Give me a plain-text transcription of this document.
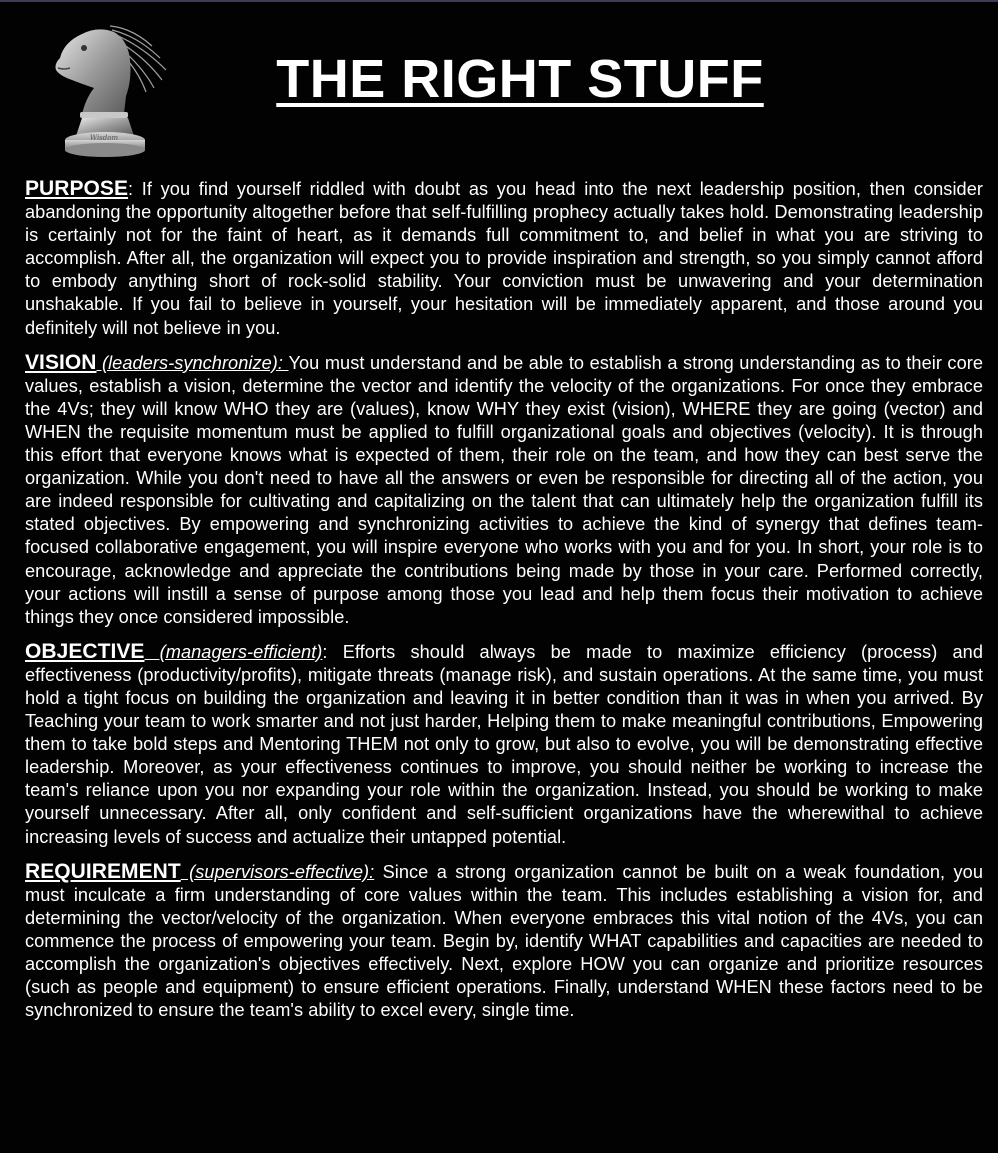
Wisdom
THE RIGHT STUFF

PURPOSE: If you find yourself riddled with doubt as you head into the next leadership position, then consider abandoning the opportunity altogether before that self-fulfilling prophecy actually takes hold. Demonstrating leadership is certainly not for the faint of heart, as it demands full commitment to, and belief in what you are striving to accomplish. After all, the organization will expect you to provide inspiration and strength, so you simply cannot afford to embody anything short of rock-solid stability. Your conviction must be unwavering and your determination unshakable. If you fail to believe in yourself, your hesitation will be immediately apparent, and those around you definitely will not believe in you.

VISION (leaders-synchronize): You must understand and be able to establish a strong understanding as to their core values, establish a vision, determine the vector and identify the velocity of the organizations. For once they embrace the 4Vs; they will know WHO they are (values), know WHY they exist (vision), WHERE they are going (vector) and WHEN the requisite momentum must be applied to fulfill organizational goals and objectives (velocity). It is through this effort that everyone knows what is expected of them, their role on the team, and how they can best serve the organization. While you don't need to have all the answers or even be responsible for directing all of the action, you are indeed responsible for cultivating and capitalizing on the talent that can ultimately help the organization fulfill its stated objectives. By empowering and synchronizing activities to achieve the kind of synergy that defines team-focused collaborative engagement, you will inspire everyone who works with you and for you. In short, your role is to encourage, acknowledge and appreciate the contributions being made by those in your care. Performed correctly, your actions will instill a sense of purpose among those you lead and help them focus their motivation to achieve things they once considered impossible.

OBJECTIVE (managers-efficient): Efforts should always be made to maximize efficiency (process) and effectiveness (productivity/profits), mitigate threats (manage risk), and sustain operations. At the same time, you must hold a tight focus on building the organization and leaving it in better condition than it was in when you arrived. By Teaching your team to work smarter and not just harder, Helping them to make meaningful contributions, Empowering them to take bold steps and Mentoring THEM not only to grow, but also to evolve, you will be demonstrating effective leadership. Moreover, as your effectiveness continues to improve, you should neither be working to increase the team's reliance upon you nor expanding your role within the organization. Instead, you should be working to make yourself unnecessary. After all, only confident and self-sufficient organizations have the wherewithal to achieve increasing levels of success and actualize their untapped potential.

REQUIREMENT (supervisors-effective): Since a strong organization cannot be built on a weak foundation, you must inculcate a firm understanding of core values within the team. This includes establishing a vision for, and determining the vector/velocity of the organization. When everyone embraces this vital notion of the 4Vs, you can commence the process of empowering your team. Begin by, identify WHAT capabilities and capacities are needed to accomplish the organization's objectives effectively. Next, explore HOW you can organize and prioritize resources (such as people and equipment) to ensure efficient operations. Finally, understand WHEN these factors need to be synchronized to ensure the team's ability to excel every, single time.
